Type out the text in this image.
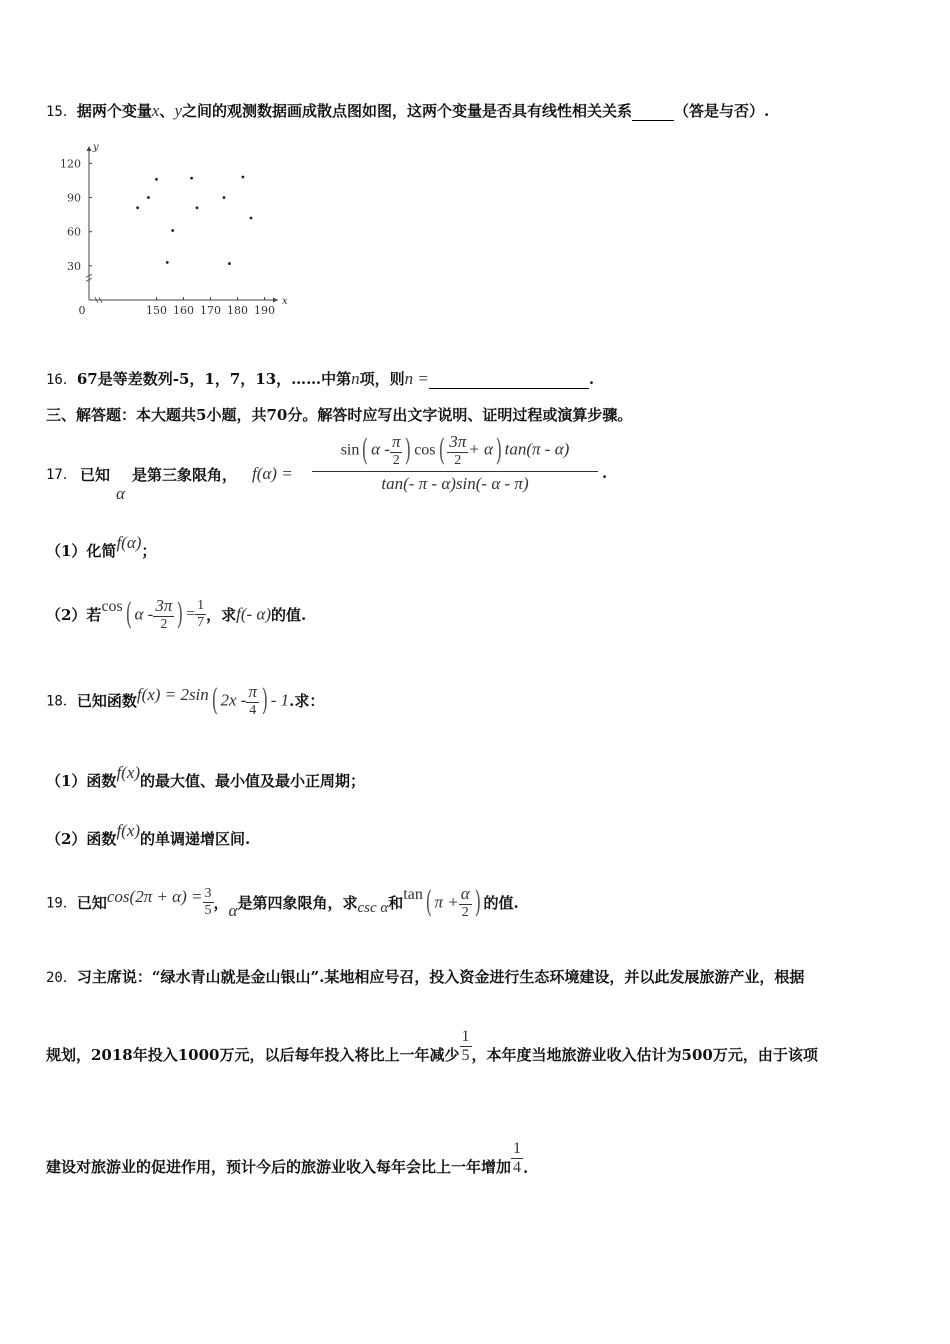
15．据两个变量x、y之间的观测数据画成散点图如图，这两个变量是否具有线性相关关系	（答是与否）.
x
y
0	150 160 170 180 190
30
60
90
120
16．67是等差数列-5，1，7，13，……中第n项，则n =	.
三、解答题：本大题共5小题，共70分。解答时应写出文字说明、证明过程或演算步骤。
17． 已知
α
是第三象限角， $f(\alpha) = \frac{\sin( \alpha - \frac{\pi}{2} ) \cos( \frac{3\pi}{2} + \alpha) \tan(\pi - \alpha)}{\tan(- \pi - \alpha)\sin(- \alpha - \pi)}$ .
（1）化简f(α)；
（2）若cos( α - $\frac{3\pi}{2}$ ) = $\frac{1}{7}$ ，求f(- α)的值.
18．已知函数f(x) = 2sin( $2x - \frac{\pi}{4}$ ) - 1.求：
（1）函数f(x)的最大值、最小值及最小正周期；
（2）函数f(x)的单调递增区间.
19．已知$\cos(2\pi + \alpha) = \frac{3}{5}$ ，α是第四象限角，求csc α和tan( $\pi + \frac{\alpha}{2}$ ) 的值.
20．习主席说：“绿水青山就是金山银山”.某地相应号召，投入资金进行生态环境建设，并以此发展旅游产业，根据
规划，2018年投入1000万元，以后每年投入将比上一年减少 $\frac{1}{5}$ ，本年度当地旅游业收入估计为500万元，由于该项
建设对旅游业的促进作用，预计今后的旅游业收入每年会比上一年增加 $\frac{1}{4}$ .
